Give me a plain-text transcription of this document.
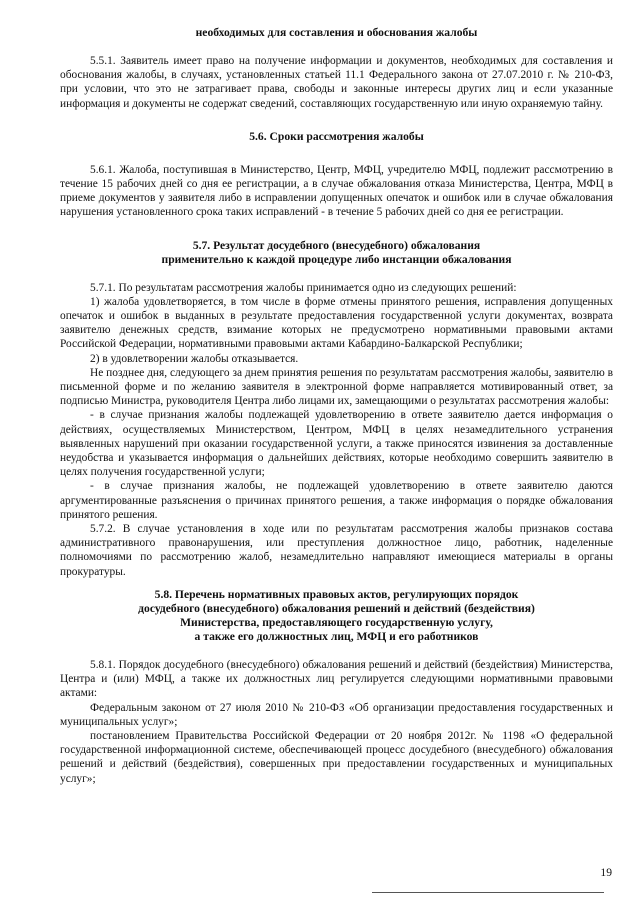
необходимых для составления и обоснования жалобы

5.5.1. Заявитель имеет право на получение информации и документов, необходимых для составления и обоснования жалобы, в случаях, установленных статьей 11.1 Федерального закона от 27.07.2010 г. № 210-ФЗ, при условии, что это не затрагивает права, свободы и законные интересы других лиц и если указанные информация и документы не содержат сведений, составляющих государственную или иную охраняемую тайну.

5.6. Сроки рассмотрения жалобы

5.6.1. Жалоба, поступившая в Министерство, Центр, МФЦ, учредителю МФЦ, подлежит рассмотрению в течение 15 рабочих дней со дня ее регистрации, а в случае обжалования отказа Министерства, Центра, МФЦ в приеме документов у заявителя либо в исправлении допущенных опечаток и ошибок или в случае обжалования нарушения установленного срока таких исправлений - в течение 5 рабочих дней со дня ее регистрации.

5.7. Результат досудебного (внесудебного) обжалования
применительно к каждой процедуре либо инстанции обжалования

5.7.1. По результатам рассмотрения жалобы принимается одно из следующих решений:

1) жалоба удовлетворяется, в том числе в форме отмены принятого решения, исправления допущенных опечаток и ошибок в выданных в результате предоставления государственной услуги документах, возврата заявителю денежных средств, взимание которых не предусмотрено нормативными правовыми актами Российской Федерации, нормативными правовыми актами Кабардино-Балкарской Республики;

2) в удовлетворении жалобы отказывается.

Не позднее дня, следующего за днем принятия решения по результатам рассмотрения жалобы, заявителю в письменной форме и по желанию заявителя в электронной форме направляется мотивированный ответ, за подписью Министра, руководителя Центра либо лицами их, замещающими о результатах рассмотрения жалобы:

- в случае признания жалобы подлежащей удовлетворению в ответе заявителю дается информация о действиях, осуществляемых Министерством, Центром, МФЦ в целях незамедлительного устранения выявленных нарушений при оказании государственной услуги, а также приносятся извинения за доставленные неудобства и указывается информация о дальнейших действиях, которые необходимо совершить заявителю в целях получения государственной услуги;

- в случае признания жалобы, не подлежащей удовлетворению в ответе заявителю даются аргументированные разъяснения о причинах принятого решения, а также информация о порядке обжалования принятого решения.

5.7.2. В случае установления в ходе или по результатам рассмотрения жалобы признаков состава административного правонарушения, или преступления должностное лицо, работник, наделенные полномочиями по рассмотрению жалоб, незамедлительно направляют имеющиеся материалы в органы прокуратуры.

5.8. Перечень нормативных правовых актов, регулирующих порядок
досудебного (внесудебного) обжалования решений и действий (бездействия)
Министерства, предоставляющего государственную услугу,
а также его должностных лиц, МФЦ и его работников

5.8.1. Порядок досудебного (внесудебного) обжалования решений и действий (бездействия) Министерства, Центра и (или) МФЦ, а также их должностных лиц регулируется следующими нормативными правовыми актами:

Федеральным законом от 27 июля 2010 № 210-ФЗ «Об организации предоставления государственных и муниципальных услуг»;

постановлением Правительства Российской Федерации от 20 ноября 2012г. № 1198 «О федеральной государственной информационной системе, обеспечивающей процесс досудебного (внесудебного) обжалования решений и действий (бездействия), совершенных при предоставлении государственных и муниципальных услуг»;

19
